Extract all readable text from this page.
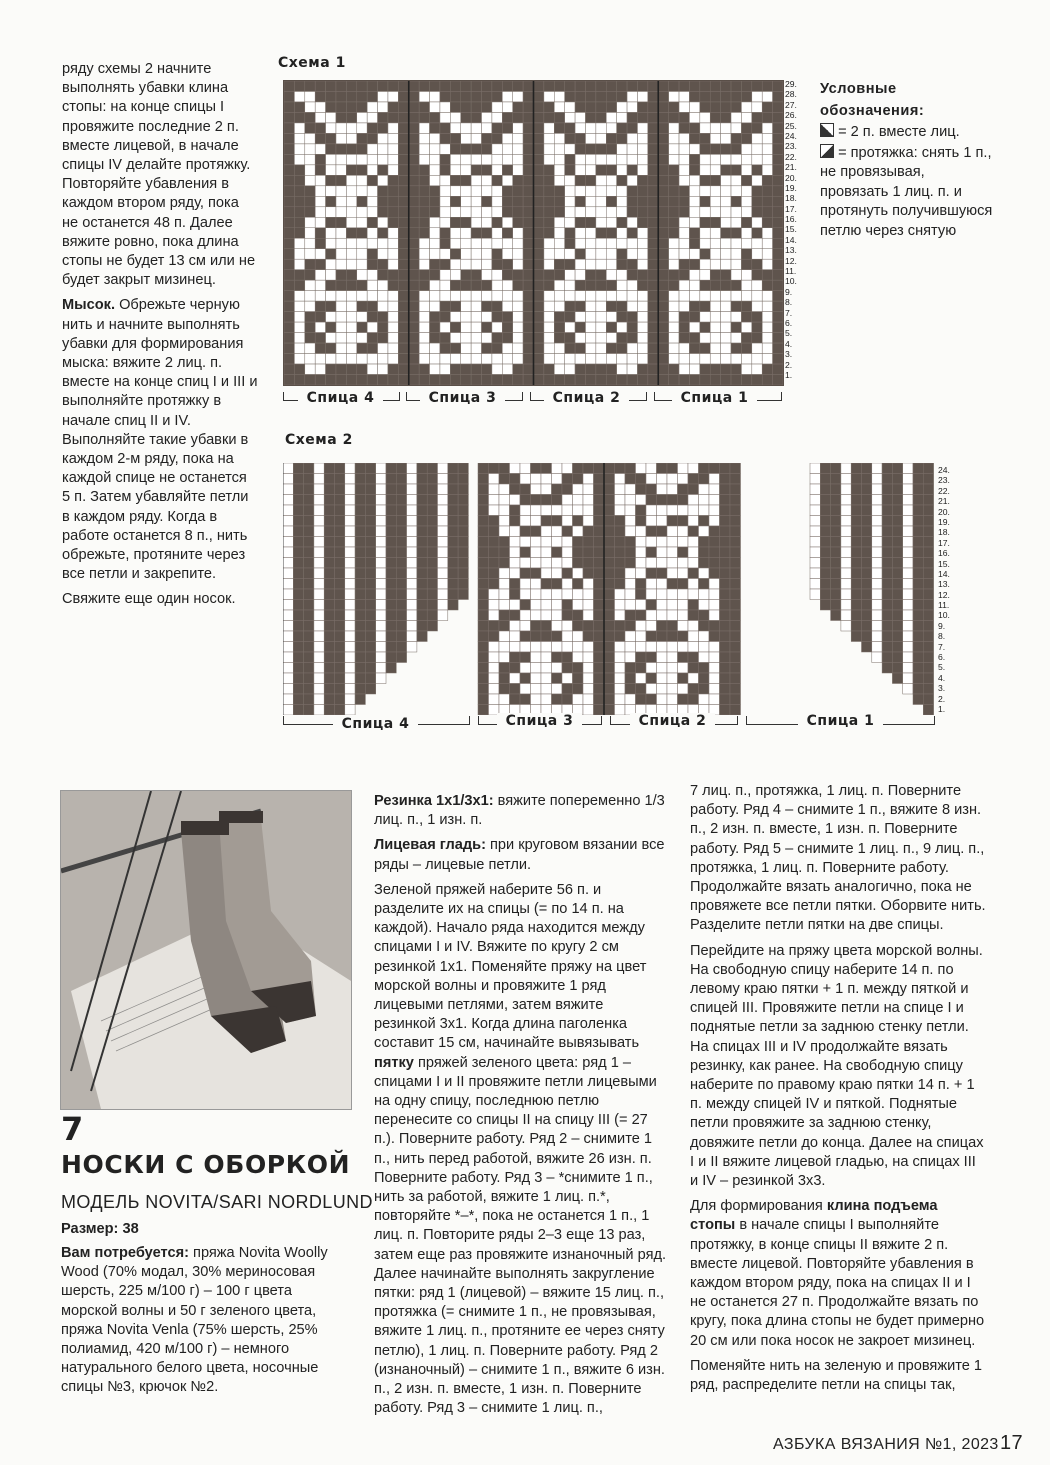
ряду схемы 2 начните выполнять убавки клина стопы: на конце спицы I провяжите последние 2 п. вместе лицевой, в начале спицы IV делайте протяжку. Повторяйте убавления в каждом втором ряду, пока не останется 48 п. Далее вяжите ровно, пока длина стопы не будет 13 см или не будет закрыт мизинец.

Мысок. Обрежьте черную нить и начните выполнять убавки для формирования мыска: вяжите 2 лиц. п. вместе на конце спиц I и III и выполняйте протяжку в начале спиц II и IV. Выполняйте такие убавки в каждом 2-м ряду, пока на каждой спице не останется 5 п. Затем убавляйте петли в каждом ряду. Когда в работе останется 8 п., нить обрежьте, протяните через все петли и закрепите.

Свяжите еще один носок.

Схема 1
29.
28.
27.
26.
25.
24.
23.
22.
21.
20.
19.
18.
17.
16.
15.
14.
13.
12.
11.
10.
9.
8.
7.
6.
5.
4.
3.
2.
1.
Спица 4	Спица 3	Спица 2	Спица 1
Условные обозначения:
= 2 п. вместе лиц.
= протяжка: снять 1 п., не провязывая, провязать 1 лиц. п. и протянуть получившуюся петлю через снятую
Схема 2
24.
23.
22.
21.
20.
19.
18.
17.
16.
15.
14.
13.
12.
11.
10.
9.
8.
7.
6.
5.
4.
3.
2.
1.
Спица 4	Спица 3	Спица 2	Спица 1
7
НОСКИ С ОБОРКОЙ
МОДЕЛЬ NOVITA/SARI NORDLUND
Размер: 38
Вам потребуется: пряжа Novita Woolly Wood (70% модал, 30% мериносовая шерсть, 225 м/100 г) – 100 г цвета морской волны и 50 г зеленого цвета, пряжа Novita Venla (75% шерсть, 25% полиамид, 420 м/100 г) – немного натурального белого цвета, носочные спицы №3, крючок №2.

Резинка 1х1/3х1: вяжите попеременно 1/3 лиц. п., 1 изн. п.

Лицевая гладь: при круговом вязании все ряды – лицевые петли.

Зеленой пряжей наберите 56 п. и разделите их на спицы (= по 14 п. на каждой). Начало ряда находится между спицами I и IV. Вяжите по кругу 2 см резинкой 1х1. Поменяйте пряжу на цвет морской волны и провяжите 1 ряд лицевыми петлями, затем вяжите резинкой 3х1. Когда длина паголенка составит 15 см, начинайте вывязывать пятку пряжей зеленого цвета: ряд 1 – спицами I и II провяжите петли лицевыми на одну спицу, последнюю петлю перенесите со спицы II на спицу III (= 27 п.). Поверните работу. Ряд 2 – снимите 1 п., нить перед работой, вяжите 26 изн. п. Поверните работу. Ряд 3 – *снимите 1 п., нить за работой, вяжите 1 лиц. п.*, повторяйте *–*, пока не останется 1 п., 1 лиц. п. Повторите ряды 2–3 еще 13 раз, затем еще раз провяжите изнаночный ряд. Далее начинайте выполнять закругление пятки: ряд 1 (лицевой) – вяжите 15 лиц. п., протяжка (= снимите 1 п., не провязывая, вяжите 1 лиц. п., протяните ее через сняту петлю), 1 лиц. п. Поверните работу. Ряд 2 (изнаночный) – снимите 1 п., вяжите 6 изн. п., 2 изн. п. вместе, 1 изн. п. Поверните работу. Ряд 3 – снимите 1 лиц. п.,

7 лиц. п., протяжка, 1 лиц. п. Поверните работу. Ряд 4 – снимите 1 п., вяжите 8 изн. п., 2 изн. п. вместе, 1 изн. п. Поверните работу. Ряд 5 – снимите 1 лиц. п., 9 лиц. п., протяжка, 1 лиц. п. Поверните работу. Продолжайте вязать аналогично, пока не провяжете все петли пятки. Оборвите нить. Разделите петли пятки на две спицы.

Перейдите на пряжу цвета морской волны. На свободную спицу наберите 14 п. по левому краю пятки + 1 п. между пяткой и спицей III. Провяжите петли на спице I и поднятые петли за заднюю стенку петли. На спицах III и IV продолжайте вязать резинку, как ранее. На свободную спицу наберите по правому краю пятки 14 п. + 1 п. между спицей IV и пяткой. Поднятые петли провяжите за заднюю стенку, довяжите петли до конца. Далее на спицах I и II вяжите лицевой гладью, на спицах III и IV – резинкой 3х3.

Для формирования клина подъема стопы в начале спицы I выполняйте протяжку, в конце спицы II вяжите 2 п. вместе лицевой. Повторяйте убавления в каждом втором ряду, пока на спицах II и I не останется 27 п. Продолжайте вязать по кругу, пока длина стопы не будет примерно 20 см или пока носок не закроет мизинец.

Поменяйте нить на зеленую и провяжите 1 ряд, распределите петли на спицы так,

АЗБУКА ВЯЗАНИЯ №1, 2023 17
